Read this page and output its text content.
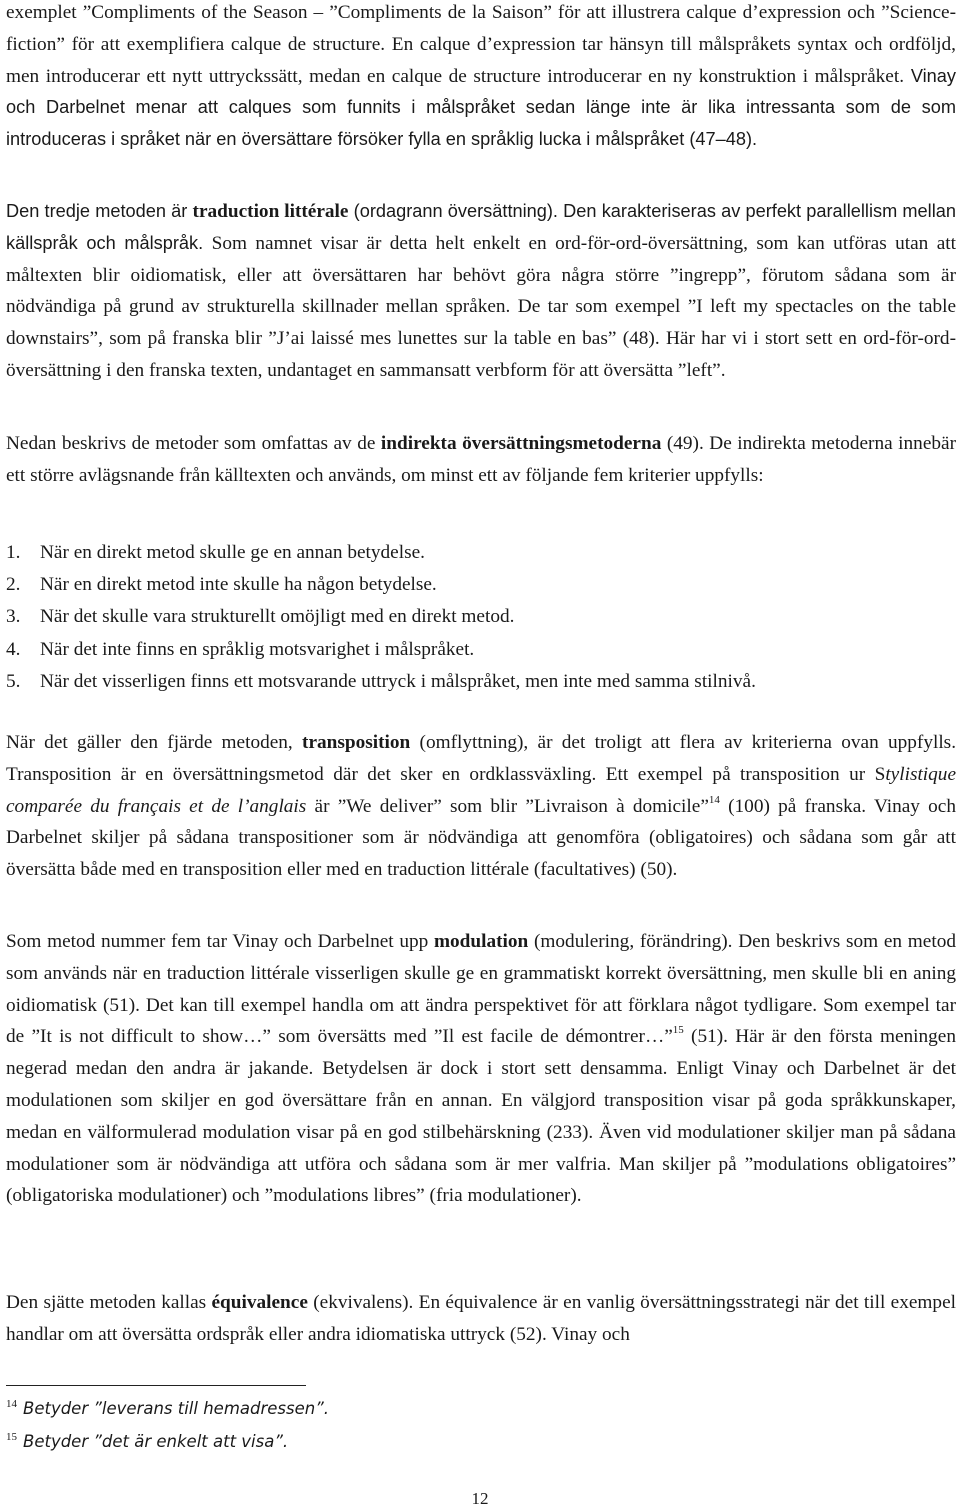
exemplet ”Compliments of the Season – ”Compliments de la Saison” för att illustrera calque d’expression och ”Science-fiction” för att exemplifiera calque de structure. En calque d’expression tar hänsyn till målspråkets syntax och ordföljd, men introducerar ett nytt uttryckssätt, medan en calque de structure introducerar en ny konstruktion i målspråket. Vinay och Darbelnet menar att calques som funnits i målspråket sedan länge inte är lika intressanta som de som introduceras i språket när en översättare försöker fylla en språklig lucka i målspråket (47–48).

Den tredje metoden är traduction littérale (ordagrann översättning). Den karakteriseras av perfekt parallellism mellan källspråk och målspråk. Som namnet visar är detta helt enkelt en ord-för-ord-översättning, som kan utföras utan att måltexten blir oidiomatisk, eller att översättaren har behövt göra några större ”ingrepp”, förutom sådana som är nödvändiga på grund av strukturella skillnader mellan språken. De tar som exempel ”I left my spectacles on the table downstairs”, som på franska blir ”J’ai laissé mes lunettes sur la table en bas” (48). Här har vi i stort sett en ord-för-ord-översättning i den franska texten, undantaget en sammansatt verbform för att översätta ”left”.

Nedan beskrivs de metoder som omfattas av de indirekta översättningsmetoderna (49). De indirekta metoderna innebär ett större avlägsnande från källtexten och används, om minst ett av följande fem kriterier uppfylls:

1. När en direkt metod skulle ge en annan betydelse.
2. När en direkt metod inte skulle ha någon betydelse.
3. När det skulle vara strukturellt omöjligt med en direkt metod.
4. När det inte finns en språklig motsvarighet i målspråket.
5. När det visserligen finns ett motsvarande uttryck i målspråket, men inte med samma stilnivå.

När det gäller den fjärde metoden, transposition (omflyttning), är det troligt att flera av kriterierna ovan uppfylls. Transposition är en översättningsmetod där det sker en ordklassväxling. Ett exempel på transposition ur Stylistique comparée du français et de l’anglais är ”We deliver” som blir ”Livraison à domicile”$^{14}$ (100) på franska. Vinay och Darbelnet skiljer på sådana transpositioner som är nödvändiga att genomföra (obligatoires) och sådana som går att översätta både med en transposition eller med en traduction littérale (facultatives) (50).

Som metod nummer fem tar Vinay och Darbelnet upp modulation (modulering, förändring). Den beskrivs som en metod som används när en traduction littérale visserligen skulle ge en grammatiskt korrekt översättning, men skulle bli en aning oidiomatisk (51). Det kan till exempel handla om att ändra perspektivet för att förklara något tydligare. Som exempel tar de ”It is not difficult to show…” som översätts med ”Il est facile de démontrer…”$^{15}$ (51). Här är den första meningen negerad medan den andra är jakande. Betydelsen är dock i stort sett densamma. Enligt Vinay och Darbelnet är det modulationen som skiljer en god översättare från en annan. En välgjord transposition visar på goda språkkunskaper, medan en välformulerad modulation visar på en god stilbehärskning (233). Även vid modulationer skiljer man på sådana modulationer som är nödvändiga att utföra och sådana som är mer valfria. Man skiljer på ”modulations obligatoires” (obligatoriska modulationer) och ”modulations libres” (fria modulationer).

Den sjätte metoden kallas équivalence (ekvivalens). En équivalence är en vanlig översättningsstrategi när det till exempel handlar om att översätta ordspråk eller andra idiomatiska uttryck (52). Vinay och

$^{14}$ Betyder ”leverans till hemadressen”.
$^{15}$ Betyder ”det är enkelt att visa”.
12
